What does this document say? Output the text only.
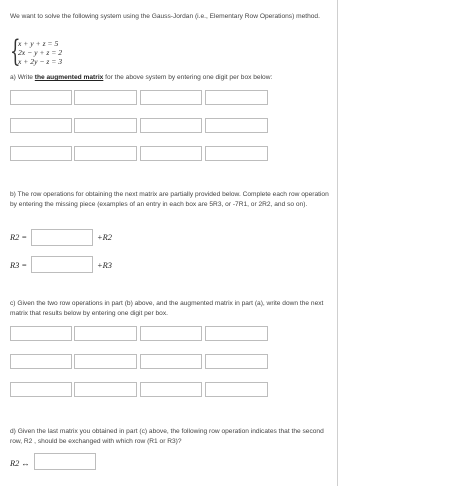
We want to solve the following system using the Gauss-Jordan (i.e., Elementary Row Operations) method.
{
x + y + z = 5
2x − y + z = 2
x + 2y − z = 3
a) Write the augmented matrix for the above system by entering one digit per box below:
b) The row operations for obtaining the next matrix are partially provided below. Complete each row operation by entering the missing piece (examples of an entry in each box are 5R3, or -7R1, or 2R2, and so on).
R2 =	+R2
R3 =	+R3
c) Given the two row operations in part (b) above, and the augmented matrix in part (a), write down the next matrix that results below by entering one digit per box.
d) Given the last matrix you obtained in part (c) above, the following row operation indicates that the second row, R2 , should be exchanged with which row (R1 or R3)?
R2 ↔
